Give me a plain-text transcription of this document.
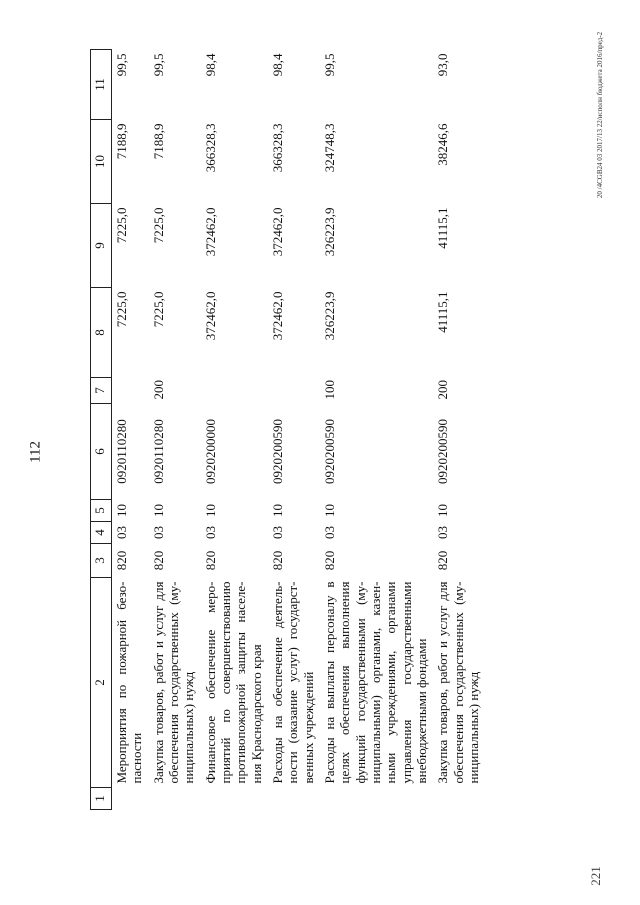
112
221
20 /4CGB24 03 2017/13 22/исполн бюджета 2016/пред-2
1	2	3	4	5	6	7	8	9	10	11
	Мероприятия по пожарной безо-пасности	820	03	10	0920110280		7225,0	7225,0	7188,9	99,5
	Закупка товаров, работ и услуг для обеспечения государственных (му-ниципальных) нужд	820	03	10	0920110280	200	7225,0	7225,0	7188,9	99,5
	Финансовое обеспечение меро-приятий по совершенствованию противопожарной защиты населе-ния Краснодарского края	820	03	10	0920200000		372462,0	372462,0	366328,3	98,4
	Расходы на обеспечение деятель-ности (оказание услуг) государст-венных учреждений	820	03	10	0920200590		372462,0	372462,0	366328,3	98,4
	Расходы на выплаты персоналу в целях обеспечения выполнения функций государственными (му-ниципальными) органами, казен-ными учреждениями, органами управления государственными внебюджетными фондами	820	03	10	0920200590	100	326223,9	326223,9	324748,3	99,5
	Закупка товаров, работ и услуг для обеспечения государственных (му-ниципальных) нужд	820	03	10	0920200590	200	41115,1	41115,1	38246,6	93,0
